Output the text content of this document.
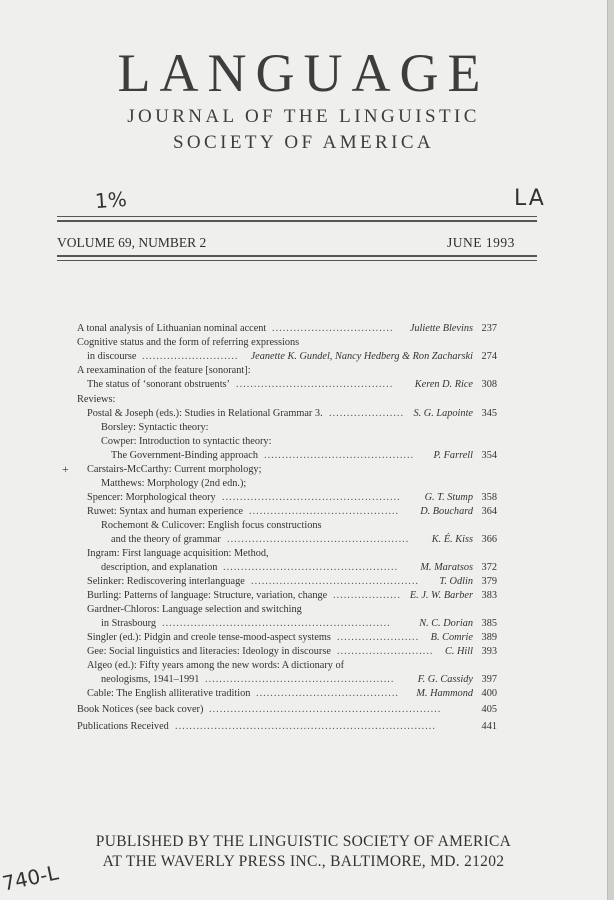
LANGUAGE
JOURNAL OF THE LINGUISTIC
SOCIETY OF AMERICA
1%	LA
VOLUME 69, NUMBER 2	JUNE 1993
+
A tonal analysis of Lithuanian nominal accent	Juliette Blevins 237
..................................
Cognitive status and the form of referring expressions
in discourse	Jeanette K. Gundel, Nancy Hedberg & Ron Zacharski 274
...........................
A reexamination of the feature [sonorant]:
The status of ‘sonorant obstruents’	Keren D. Rice 308
............................................
Reviews:
Postal & Joseph (eds.): Studies in Relational Grammar 3.	S. G. Lapointe 345
.....................
Borsley: Syntactic theory:
Cowper: Introduction to syntactic theory:
The Government-Binding approach	P. Farrell 354
..........................................
Carstairs-McCarthy: Current morphology;
Matthews: Morphology (2nd edn.);
Spencer: Morphological theory	G. T. Stump 358
..................................................
Ruwet: Syntax and human experience	D. Bouchard 364
..........................................
Rochemont & Culicover: English focus constructions
and the theory of grammar	K. É. Kiss 366
...................................................
Ingram: First language acquisition: Method,
description, and explanation	M. Maratsos 372
.................................................
Selinker: Rediscovering interlanguage	T. Odlin 379
...............................................
Burling: Patterns of language: Structure, variation, change	E. J. W. Barber 383
...................
Gardner-Chloros: Language selection and switching
in Strasbourg	N. C. Dorian 385
................................................................
Singler (ed.): Pidgin and creole tense-mood-aspect systems	B. Comrie 389
.......................
Gee: Social linguistics and literacies: Ideology in discourse	C. Hill 393
...........................
Algeo (ed.): Fifty years among the new words: A dictionary of
neologisms, 1941–1991	F. G. Cassidy 397
.....................................................
Cable: The English alliterative tradition	M. Hammond 400
........................................
Book Notices (see back cover)	405
.................................................................
Publications Received	441
.........................................................................
PUBLISHED BY THE LINGUISTIC SOCIETY OF AMERICA
AT THE WAVERLY PRESS INC., BALTIMORE, MD. 21202
740-L
